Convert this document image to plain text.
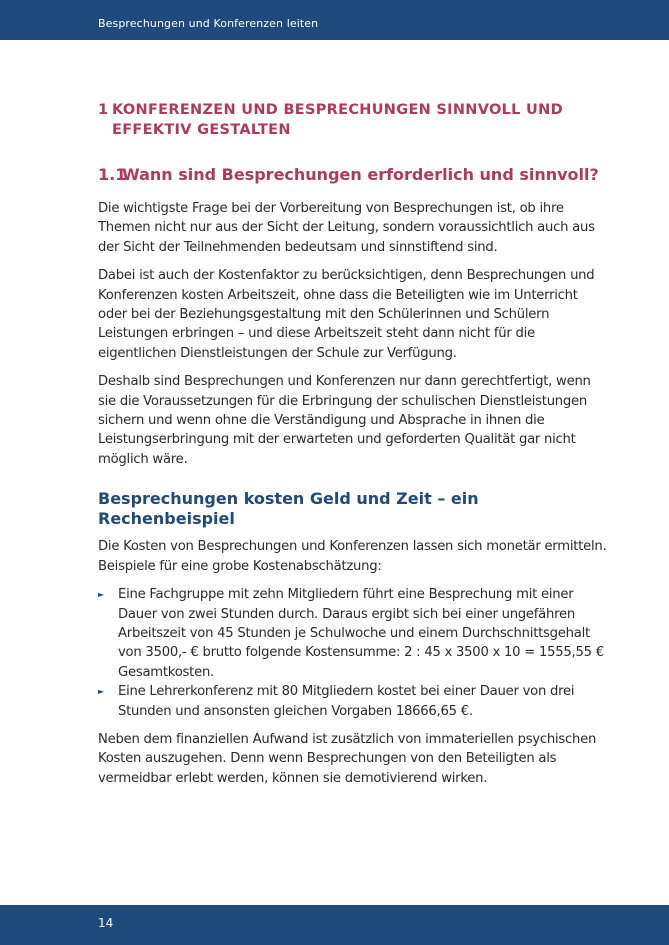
Besprechungen und Konferenzen leiten
1 KONFERENZEN UND BESPRECHUNGEN SINNVOLL UND EFFEKTIV GESTALTEN
1.1
Wann sind Besprechungen erforderlich und sinnvoll?

Die wichtigste Frage bei der Vorbereitung von Besprechungen ist, ob ihre Themen nicht nur aus der Sicht der Leitung, sondern voraussichtlich auch aus der Sicht der Teilnehmenden bedeutsam und sinnstiftend sind.

Dabei ist auch der Kostenfaktor zu berücksichtigen, denn Besprechungen und Konferenzen kosten Arbeitszeit, ohne dass die Beteiligten wie im Unterricht oder bei der Beziehungsgestaltung mit den Schülerinnen und Schülern Leistungen erbringen – und diese Arbeitszeit steht dann nicht für die eigentlichen Dienstleistungen der Schule zur Verfügung.

Deshalb sind Besprechungen und Konferenzen nur dann gerechtfertigt, wenn sie die Voraussetzungen für die Erbringung der schulischen Dienstleistungen sichern und wenn ohne die Verständigung und Absprache in ihnen die Leistungserbringung mit der erwarteten und geforderten Qualität gar nicht möglich wäre.

Besprechungen kosten Geld und Zeit – ein Rechenbeispiel

Die Kosten von Besprechungen und Konferenzen lassen sich monetär ermitteln. Beispiele für eine grobe Kostenabschätzung:

► Eine Fachgruppe mit zehn Mitgliedern führt eine Besprechung mit einer Dauer von zwei Stunden durch. Daraus ergibt sich bei einer ungefähren Arbeitszeit von 45 Stunden je Schulwoche und einem Durchschnittsgehalt von 3500,- € brutto folgende Kostensumme: 2 : 45 x 3500 x 10 = 1555,55 € Gesamtkosten.
► Eine Lehrerkonferenz mit 80 Mitgliedern kostet bei einer Dauer von drei Stunden und ansonsten gleichen Vorgaben 18666,65 €.

Neben dem finanziellen Aufwand ist zusätzlich von immateriellen psychischen Kosten auszugehen. Denn wenn Besprechungen von den Beteiligten als vermeidbar erlebt werden, können sie demotivierend wirken.

14
